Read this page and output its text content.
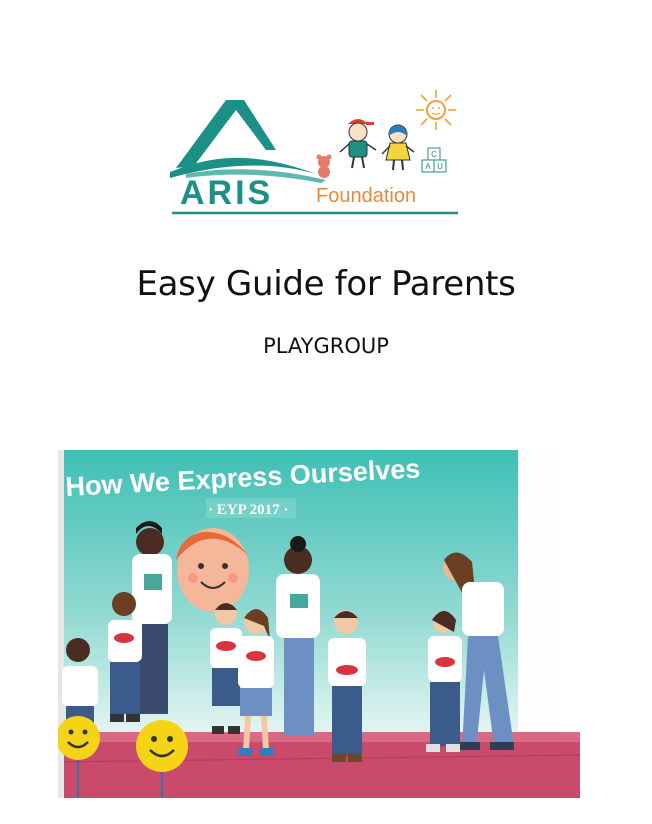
C
A U
ARIS Foundation
Easy Guide for Parents
PLAYGROUP
How We Express Ourselves
· EYP 2017 ·
